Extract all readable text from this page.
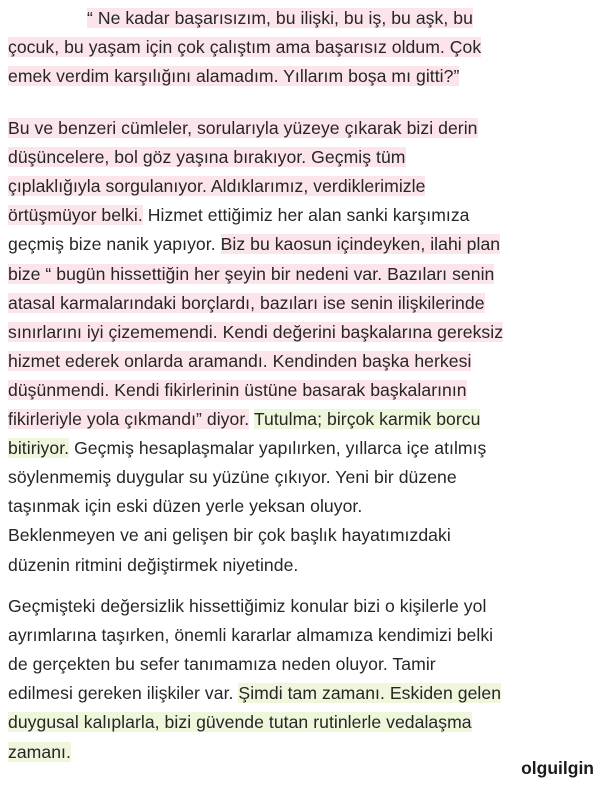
“ Ne kadar başarısızım, bu ilişki, bu iş, bu aşk, bu
çocuk, bu yaşam için çok çalıştım ama başarısız oldum. Çok
emek verdim karşılığını alamadım. Yıllarım boşa mı gitti?”
Bu ve benzeri cümleler, sorularıyla yüzeye çıkarak bizi derin
düşüncelere, bol göz yaşına bırakıyor. Geçmiş tüm
çıplaklığıyla sorgulanıyor. Aldıklarımız, verdiklerimizle
örtüşmüyor belki. Hizmet ettiğimiz her alan sanki karşımıza
geçmiş bize nanik yapıyor. Biz bu kaosun içindeyken, ilahi plan
bize “ bugün hissettiğin her şeyin bir nedeni var. Bazıları senin
atasal karmalarındaki borçlardı, bazıları ise senin ilişkilerinde
sınırlarını iyi çizememendi. Kendi değerini başkalarına gereksiz
hizmet ederek onlarda aramandı. Kendinden başka herkesi
düşünmendi. Kendi fikirlerinin üstüne basarak başkalarının
fikirleriyle yola çıkmandı” diyor. Tutulma; birçok karmik borcu
bitiriyor. Geçmiş hesaplaşmalar yapılırken, yıllarca içe atılmış
söylenmemiş duygular su yüzüne çıkıyor. Yeni bir düzene
taşınmak için eski düzen yerle yeksan oluyor.
Beklenmeyen ve ani gelişen bir çok başlık hayatımızdaki
düzenin ritmini değiştirmek niyetinde.
Geçmişteki değersizlik hissettiğimiz konular bizi o kişilerle yol
ayrımlarına taşırken, önemli kararlar almamıza kendimizi belki
de gerçekten bu sefer tanımamıza neden oluyor. Tamir
edilmesi gereken ilişkiler var. Şimdi tam zamanı. Eskiden gelen
duygusal kalıplarla, bizi güvende tutan rutinlerle vedalaşma
zamanı.
olguilgin
